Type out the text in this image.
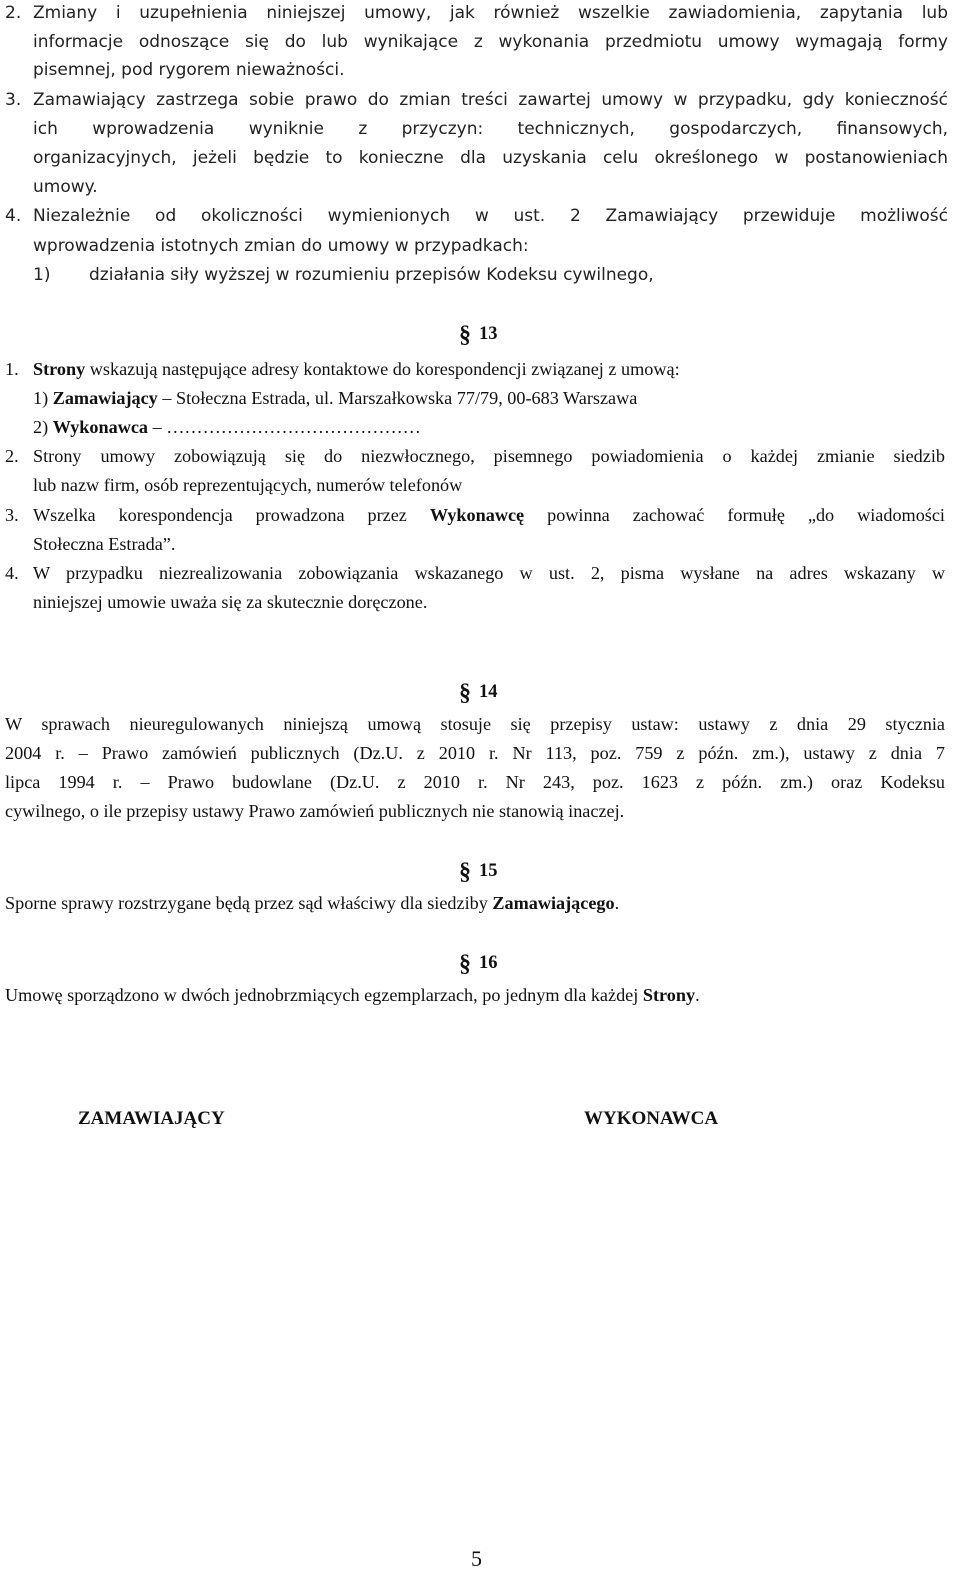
2. Zmiany i uzupełnienia niniejszej umowy, jak również wszelkie zawiadomienia, zapytania lub
informacje odnoszące się do lub wynikające z wykonania przedmiotu umowy wymagają formy
pisemnej, pod rygorem nieważności.
3. Zamawiający zastrzega sobie prawo do zmian treści zawartej umowy w przypadku, gdy konieczność
ich wprowadzenia wyniknie z przyczyn: technicznych, gospodarczych, finansowych,
organizacyjnych, jeżeli będzie to konieczne dla uzyskania celu określonego w postanowieniach
umowy.
4. Niezależnie od okoliczności wymienionych w ust. 2 Zamawiający przewiduje możliwość
wprowadzenia istotnych zmian do umowy w przypadkach:
1) działania siły wyższej w rozumieniu przepisów Kodeksu cywilnego,
§ 13
1. Strony wskazują następujące adresy kontaktowe do korespondencji związanej z umową:
1) Zamawiający – Stołeczna Estrada, ul. Marszałkowska 77/79, 00-683 Warszawa
2) Wykonawca – ……………………………………
2. Strony umowy zobowiązują się do niezwłocznego, pisemnego powiadomienia o każdej zmianie siedzib
lub nazw firm, osób reprezentujących, numerów telefonów
3. Wszelka korespondencja prowadzona przez Wykonawcę powinna zachować formułę „do wiadomości
Stołeczna Estrada”.
4. W przypadku niezrealizowania zobowiązania wskazanego w ust. 2, pisma wysłane na adres wskazany w
niniejszej umowie uważa się za skutecznie doręczone.
§ 14
W sprawach nieuregulowanych niniejszą umową stosuje się przepisy ustaw: ustawy z dnia 29 stycznia
2004 r. – Prawo zamówień publicznych (Dz.U. z 2010 r. Nr 113, poz. 759 z późn. zm.), ustawy z dnia 7
lipca 1994 r. – Prawo budowlane (Dz.U. z 2010 r. Nr 243, poz. 1623 z późn. zm.) oraz Kodeksu
cywilnego, o ile przepisy ustawy Prawo zamówień publicznych nie stanowią inaczej.
§ 15
Sporne sprawy rozstrzygane będą przez sąd właściwy dla siedziby Zamawiającego.
§ 16
Umowę sporządzono w dwóch jednobrzmiących egzemplarzach, po jednym dla każdej Strony.
ZAMAWIAJĄCY	WYKONAWCA
5
